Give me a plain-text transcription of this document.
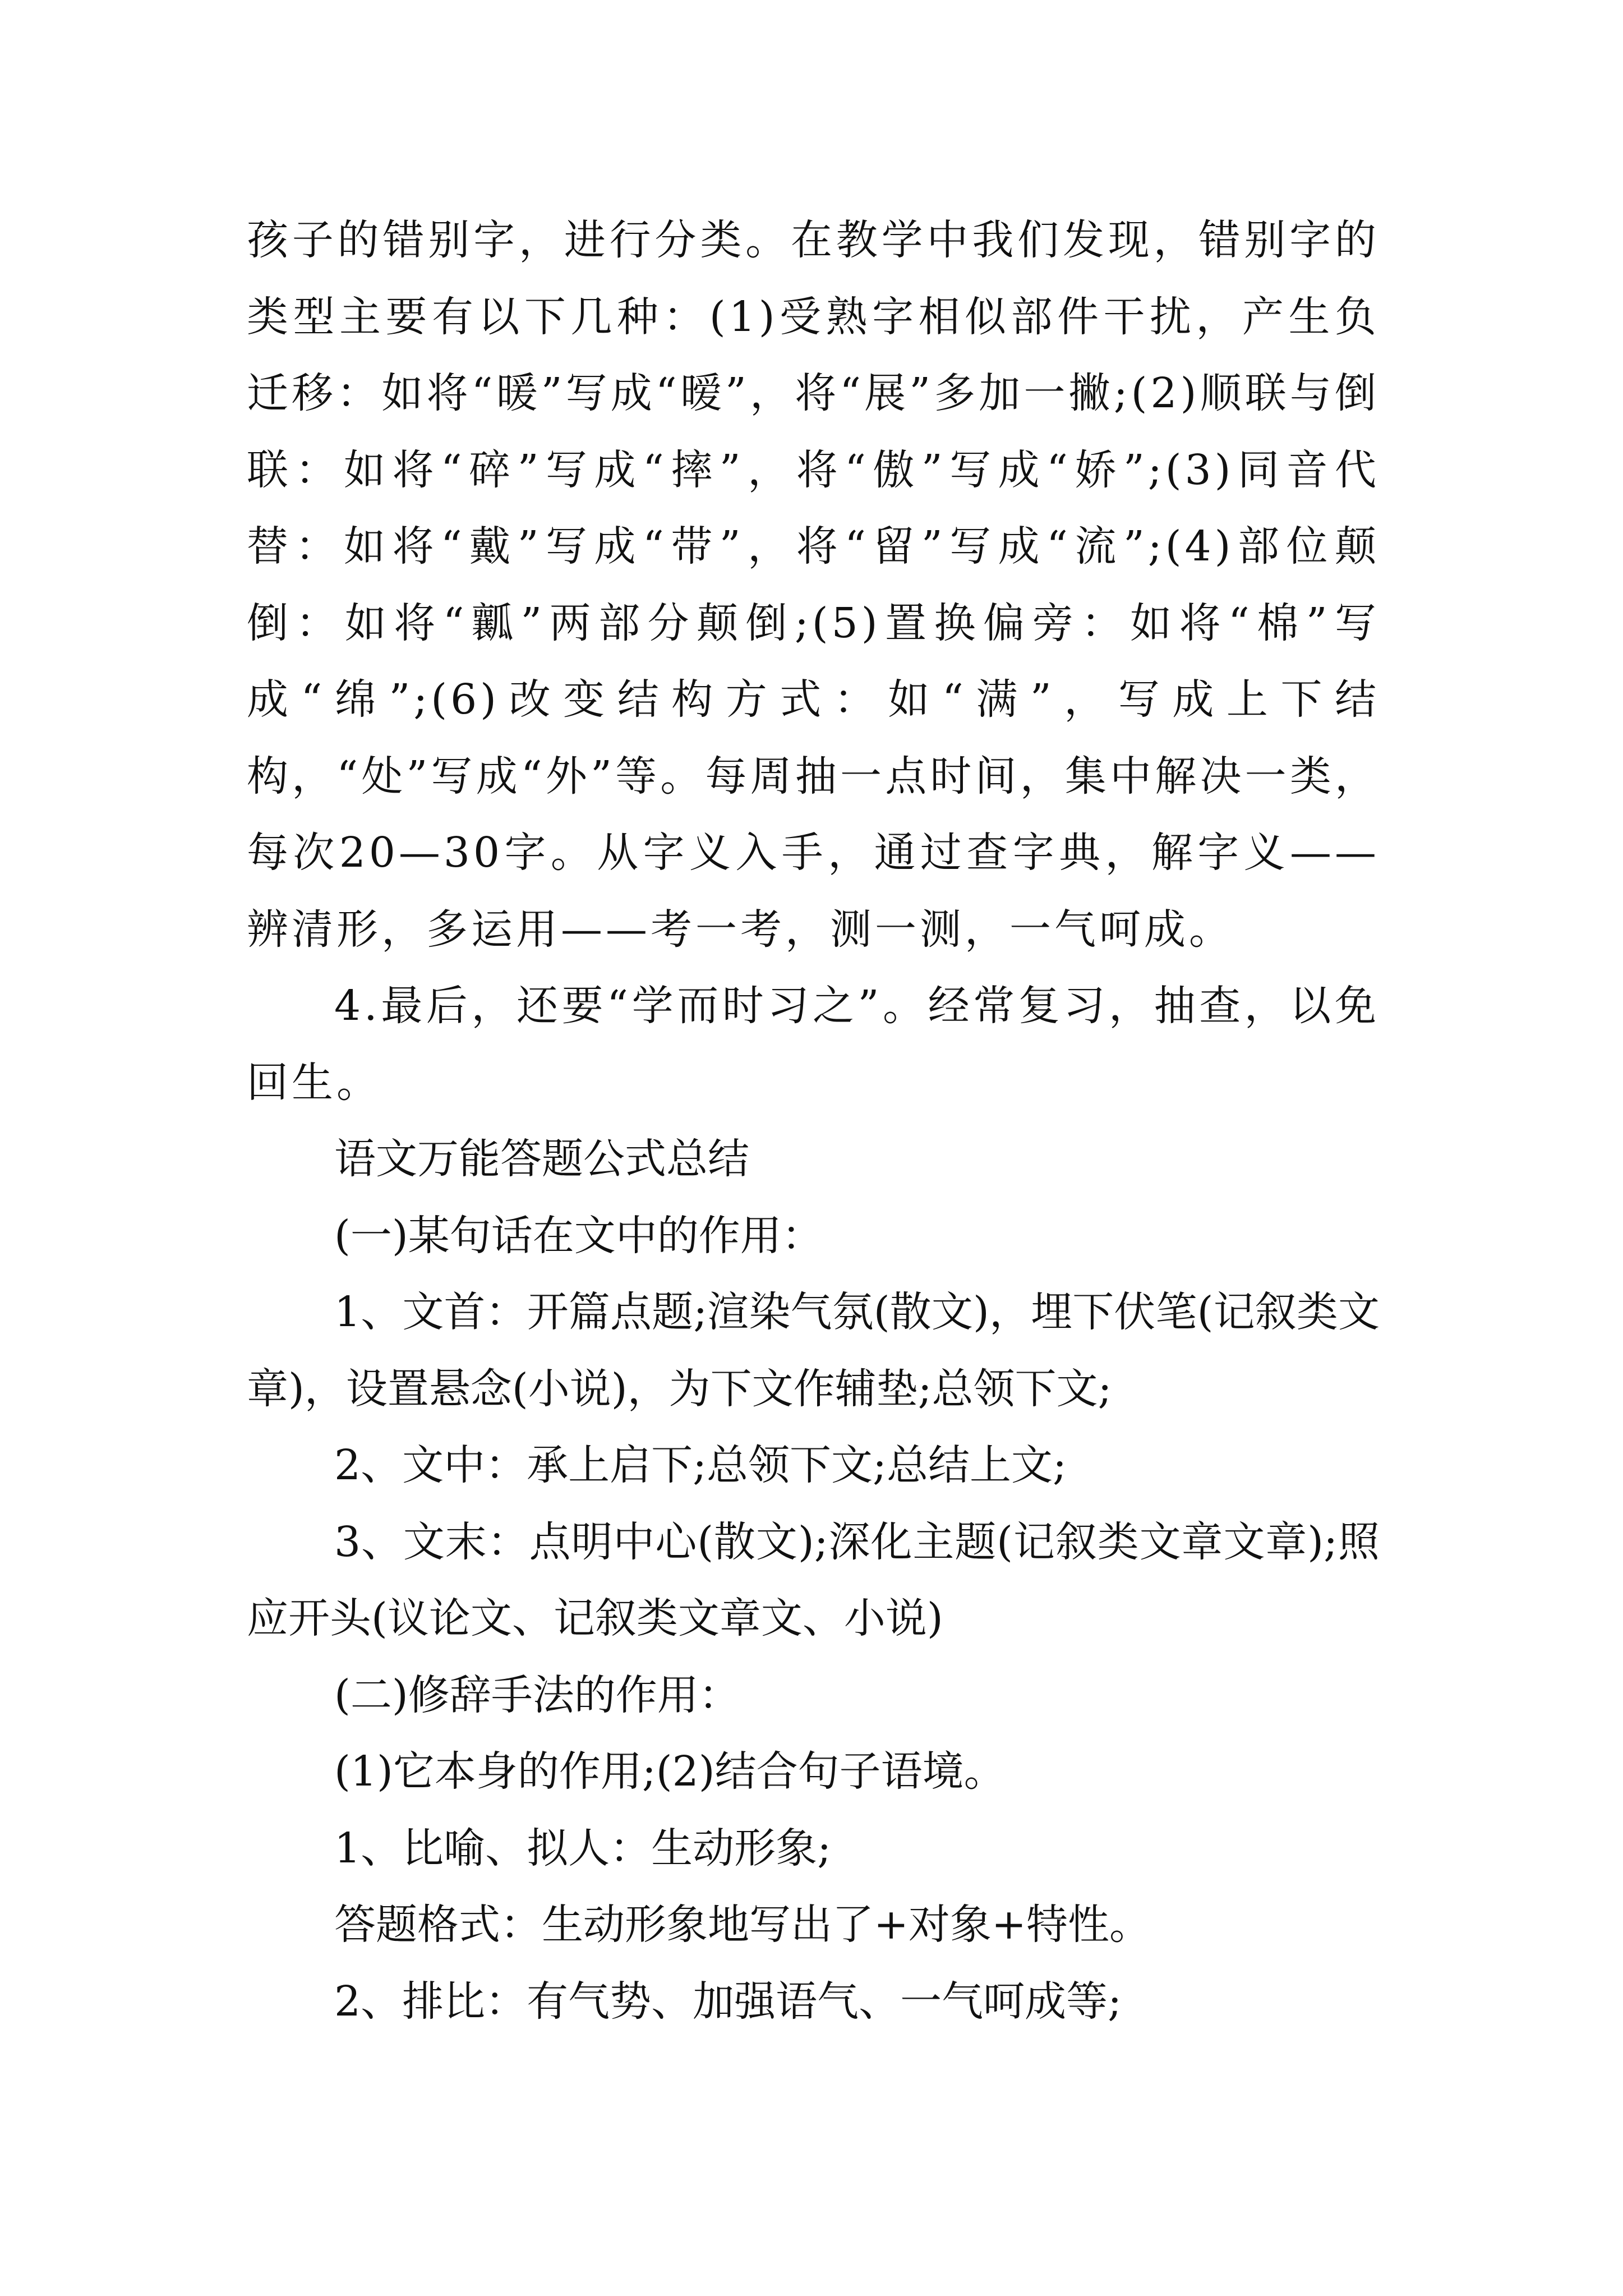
孩子的错别字，进行分类。在教学中我们发现，错别字的类型主要有以下几种：(1)受熟字相似部件干扰，产生负迁移：如将“暖”写成“暧”，将“展”多加一撇;(2)顺联与倒联：如将“碎”写成“摔”，将“傲”写成“娇”;(3)同音代替：如将“戴”写成“带”，将“留”写成“流”;(4)部位颠倒：如将“瓤”两部分颠倒;(5)置换偏旁：如将“棉”写成“绵”;(6)改变结构方式：如“满”，写成上下结构，“处”写成“外”等。每周抽一点时间，集中解决一类，每次20—30字。从字义入手，通过查字典，解字义——辨清形，多运用——考一考，测一测，一气呵成。

4.最后，还要“学而时习之”。经常复习，抽查，以免回生。

语文万能答题公式总结

(一)某句话在文中的作用：

1、文首：开篇点题;渲染气氛(散文)，埋下伏笔(记叙类文章)，设置悬念(小说)，为下文作辅垫;总领下文;

2、文中：承上启下;总领下文;总结上文;

3、文末：点明中心(散文);深化主题(记叙类文章文章);照应开头(议论文、记叙类文章文、小说)

(二)修辞手法的作用：

(1)它本身的作用;(2)结合句子语境。

1、比喻、拟人：生动形象;

答题格式：生动形象地写出了+对象+特性。

2、排比：有气势、加强语气、一气呵成等;
